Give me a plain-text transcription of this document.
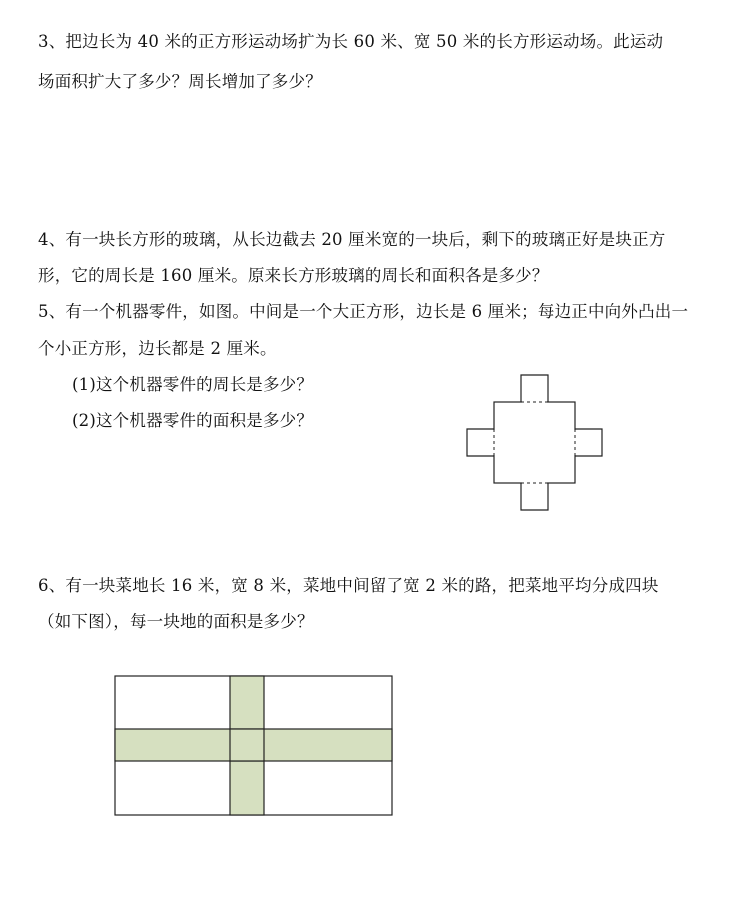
3、把边长为 40 米的正方形运动场扩为长 60 米、宽 50 米的长方形运动场。此运动
场面积扩大了多少？周长增加了多少？
4、有一块长方形的玻璃，从长边截去 20 厘米宽的一块后，剩下的玻璃正好是块正方
形，它的周长是 160 厘米。原来长方形玻璃的周长和面积各是多少？
5、有一个机器零件，如图。中间是一个大正方形，边长是 6 厘米；每边正中向外凸出一
个小正方形，边长都是 2 厘米。
(1)这个机器零件的周长是多少？
(2)这个机器零件的面积是多少？
6、有一块菜地长 16 米，宽 8 米，菜地中间留了宽 2 米的路，把菜地平均分成四块
（如下图），每一块地的面积是多少？
